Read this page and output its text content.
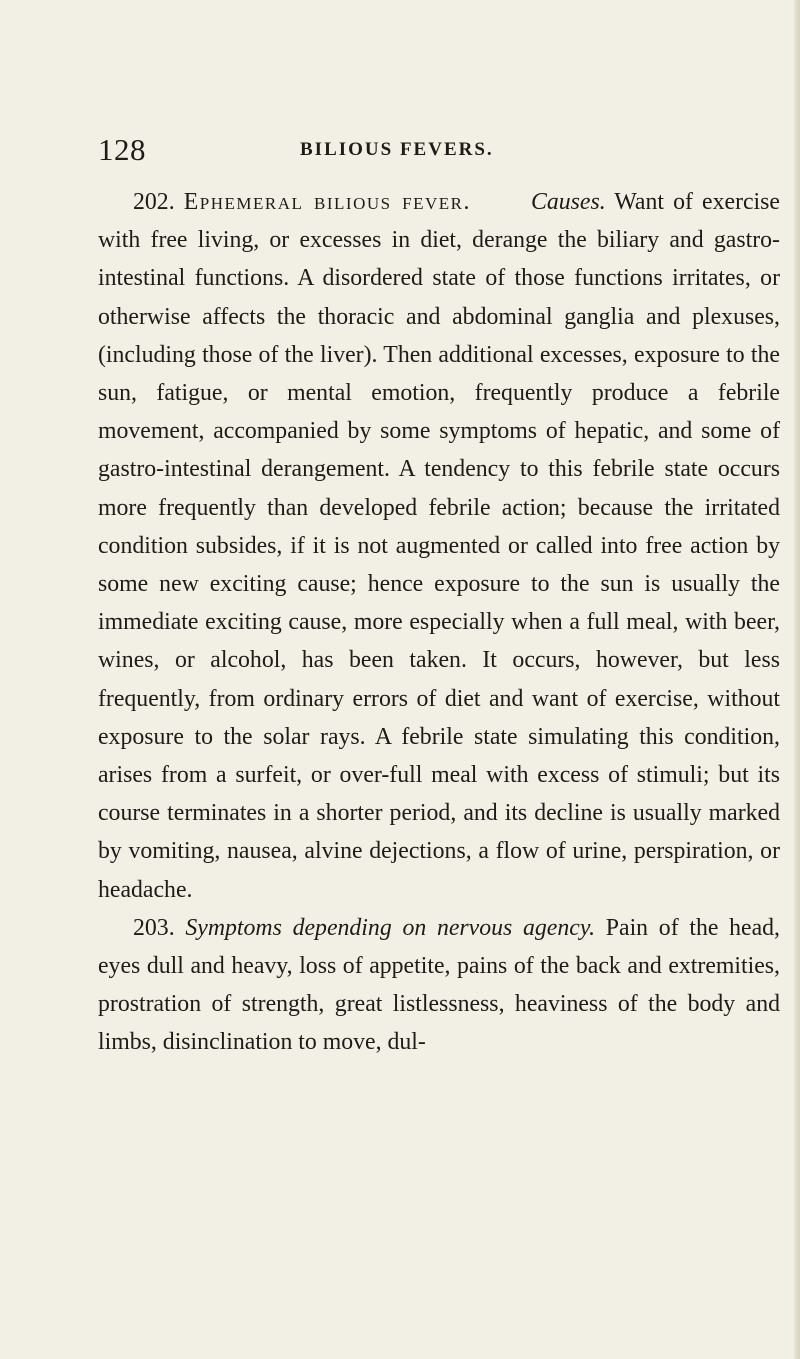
128	BILIOUS FEVERS.

202. Ephemeral bilious fever.	Causes. Want of exercise with free living, or excesses in diet, derange the biliary and gastro-intestinal functions. A disordered state of those functions irritates, or otherwise affects the thoracic and abdominal ganglia and plexuses, (including those of the liver). Then additional excesses, exposure to the sun, fatigue, or mental emotion, frequently produce a febrile movement, accompanied by some symptoms of hepatic, and some of gastro-intestinal derangement. A tendency to this febrile state occurs more frequently than developed febrile action; because the irritated condition subsides, if it is not augmented or called into free action by some new exciting cause; hence exposure to the sun is usually the immediate exciting cause, more especially when a full meal, with beer, wines, or alcohol, has been taken. It occurs, however, but less frequently, from ordinary errors of diet and want of exercise, without exposure to the solar rays. A febrile state simulating this condition, arises from a surfeit, or over-full meal with excess of stimuli; but its course terminates in a shorter period, and its decline is usually marked by vomiting, nausea, alvine dejections, a flow of urine, perspiration, or headache.

203. Symptoms depending on nervous agency. Pain of the head, eyes dull and heavy, loss of appetite, pains of the back and extremities, prostration of strength, great listlessness, heaviness of the body and limbs, disinclination to move, dul-
